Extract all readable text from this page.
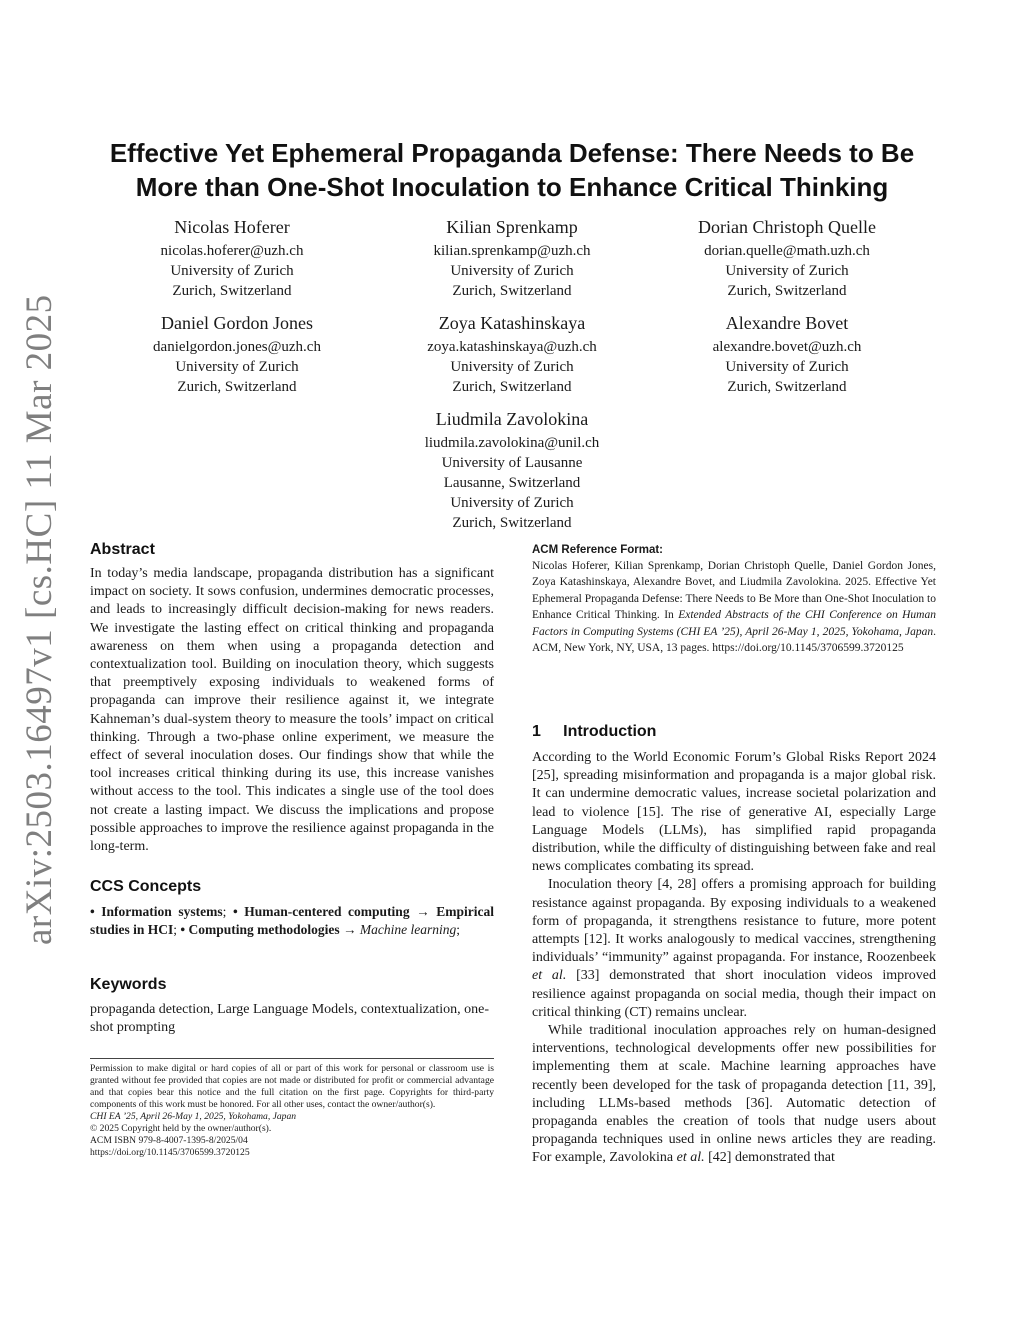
arXiv:2503.16497v1 [cs.HC] 11 Mar 2025
Effective Yet Ephemeral Propaganda Defense: There Needs to Be
More than One-Shot Inoculation to Enhance Critical Thinking
Nicolas Hoferer
nicolas.hoferer@uzh.ch
University of Zurich
Zurich, Switzerland
Kilian Sprenkamp
kilian.sprenkamp@uzh.ch
University of Zurich
Zurich, Switzerland
Dorian Christoph Quelle
dorian.quelle@math.uzh.ch
University of Zurich
Zurich, Switzerland
Daniel Gordon Jones
danielgordon.jones@uzh.ch
University of Zurich
Zurich, Switzerland
Zoya Katashinskaya
zoya.katashinskaya@uzh.ch
University of Zurich
Zurich, Switzerland
Alexandre Bovet
alexandre.bovet@uzh.ch
University of Zurich
Zurich, Switzerland
Liudmila Zavolokina
liudmila.zavolokina@unil.ch
University of Lausanne
Lausanne, Switzerland
University of Zurich
Zurich, Switzerland
Abstract

In today’s media landscape, propaganda distribution has a significant impact on society. It sows confusion, undermines democratic processes, and leads to increasingly difficult decision-making for news readers. We investigate the lasting effect on critical thinking and propaganda awareness on them when using a propaganda detection and contextualization tool. Building on inoculation theory, which suggests that preemptively exposing individuals to weakened forms of propaganda can improve their resilience against it, we integrate Kahneman’s dual-system theory to measure the tools’ impact on critical thinking. Through a two-phase online experiment, we measure the effect of several inoculation doses. Our findings show that while the tool increases critical thinking during its use, this increase vanishes without access to the tool. This indicates a single use of the tool does not create a lasting impact. We discuss the implications and propose possible approaches to improve the resilience against propaganda in the long-term.

CCS Concepts

• Information systems; • Human-centered computing → Empirical studies in HCI; • Computing methodologies → Machine learning;

Keywords

propaganda detection, Large Language Models, contextualization, one-shot prompting

Permission to make digital or hard copies of all or part of this work for personal or classroom use is granted without fee provided that copies are not made or distributed for profit or commercial advantage and that copies bear this notice and the full citation on the first page. Copyrights for third-party components of this work must be honored. For all other uses, contact the owner/author(s).

CHI EA ’25, April 26-May 1, 2025, Yokohama, Japan
© 2025 Copyright held by the owner/author(s).
ACM ISBN 979-8-4007-1395-8/2025/04
https://doi.org/10.1145/3706599.3720125
ACM Reference Format:

Nicolas Hoferer, Kilian Sprenkamp, Dorian Christoph Quelle, Daniel Gordon Jones, Zoya Katashinskaya, Alexandre Bovet, and Liudmila Zavolokina. 2025. Effective Yet Ephemeral Propaganda Defense: There Needs to Be More than One-Shot Inoculation to Enhance Critical Thinking. In Extended Abstracts of the CHI Conference on Human Factors in Computing Systems (CHI EA ’25), April 26-May 1, 2025, Yokohama, Japan. ACM, New York, NY, USA, 13 pages. https://doi.org/10.1145/3706599.3720125

1     Introduction

According to the World Economic Forum’s Global Risks Report 2024 [25], spreading misinformation and propaganda is a major global risk. It can undermine democratic values, increase societal polarization and lead to violence [15]. The rise of generative AI, especially Large Language Models (LLMs), has simplified rapid propaganda distribution, while the difficulty of distinguishing between fake and real news complicates combating its spread.

Inoculation theory [4, 28] offers a promising approach for building resistance against propaganda. By exposing individuals to a weakened form of propaganda, it strengthens resistance to future, more potent attempts [12]. It works analogously to medical vaccines, strengthening individuals’ “immunity” against propaganda. For instance, Roozenbeek et al. [33] demonstrated that short inoculation videos improved resilience against propaganda on social media, though their impact on critical thinking (CT) remains unclear.

While traditional inoculation approaches rely on human-designed interventions, technological developments offer new possibilities for implementing them at scale. Machine learning approaches have recently been developed for the task of propaganda detection [11, 39], including LLMs-based methods [36]. Automatic detection of propaganda enables the creation of tools that nudge users about propaganda techniques used in online news articles they are reading. For example, Zavolokina et al. [42] demonstrated that
